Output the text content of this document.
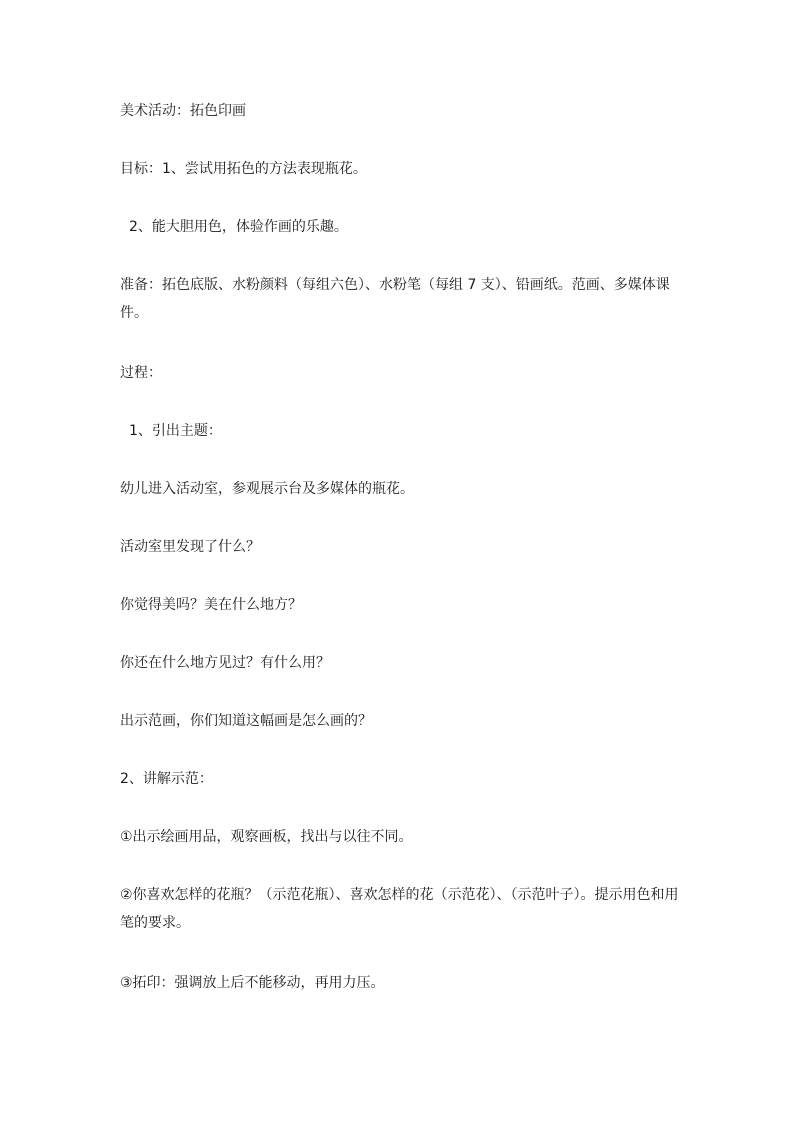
美术活动：拓色印画

目标：1、尝试用拓色的方法表现瓶花。

2、能大胆用色，体验作画的乐趣。

准备：拓色底版、水粉颜料（每组六色）、水粉笔（每组 7 支）、铅画纸。范画、多媒体课件。

过程：

1、引出主题：

幼儿进入活动室，参观展示台及多媒体的瓶花。

活动室里发现了什么？

你觉得美吗？美在什么地方？

你还在什么地方见过？有什么用？

出示范画，你们知道这幅画是怎么画的？

2、讲解示范：

①出示绘画用品，观察画板，找出与以往不同。

②你喜欢怎样的花瓶？（示范花瓶）、喜欢怎样的花（示范花）、（示范叶子）。提示用色和用笔的要求。

③拓印：强调放上后不能移动，再用力压。
